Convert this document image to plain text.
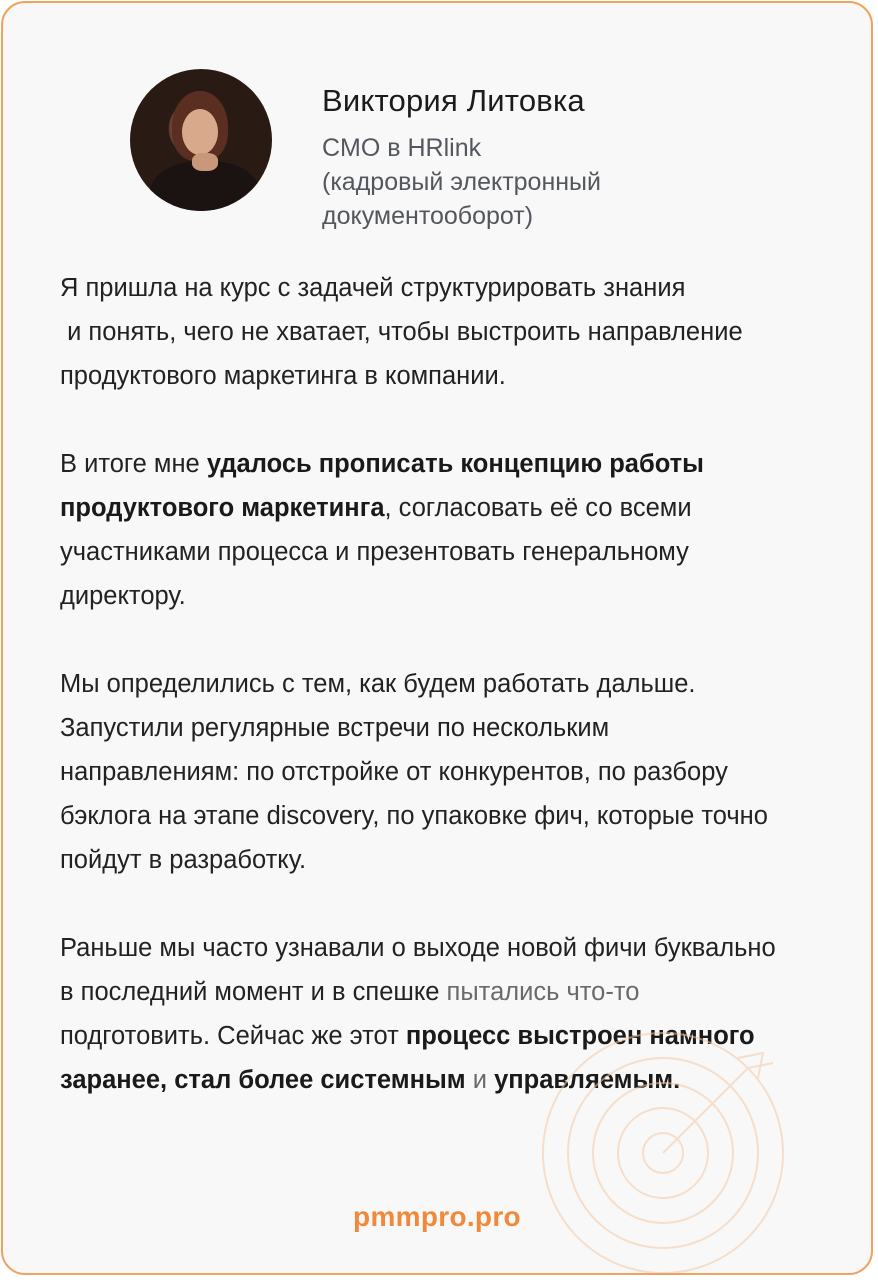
Виктория Литовка
CMO в HRlink
(кадровый электронный
документооборот)
Я пришла на курс с задачей структурировать знания
и понять, чего не хватает, чтобы выстроить направление
продуктового маркетинга в компании.
В итоге мне удалось прописать концепцию работы
продуктового маркетинга, согласовать её со всеми
участниками процесса и презентовать генеральному
директору.
Мы определились с тем, как будем работать дальше.
Запустили регулярные встречи по нескольким
направлениям: по отстройке от конкурентов, по разбору
бэклога на этапе discovery, по упаковке фич, которые точно
пойдут в разработку.
Раньше мы часто узнавали о выходе новой фичи буквально
в последний момент и в спешке пытались что-то
подготовить. Сейчас же этот процесс выстроен намного
заранее, стал более системным и управляемым.
pmmpro.pro
